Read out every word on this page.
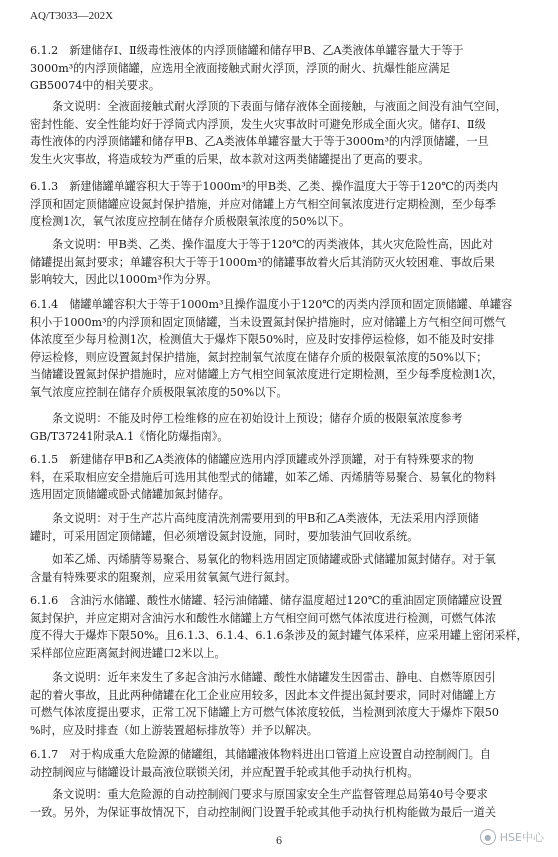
AQ/T3033—202X
6.1.2　新建储存Ⅰ、Ⅱ级毒性液体的内浮顶储罐和储存甲B、乙A类液体单罐容量大于等于
3000m³的内浮顶储罐，应选用全液面接触式耐火浮顶，浮顶的耐火、抗爆性能应满足
GB50074中的相关要求。
条文说明：全液面接触式耐火浮顶的下表面与储存液体全面接触，与液面之间没有油气空间，
密封性能、安全性能均好于浮筒式内浮顶，发生火灾事故时可避免形成全面火灾。储存Ⅰ、Ⅱ级
毒性液体的内浮顶储罐和储存甲B、乙A类液体单罐容量大于等于3000m³的内浮顶储罐，一旦
发生火灾事故，将造成较为严重的后果，故本款对这两类储罐提出了更高的要求。
6.1.3　新建储罐单罐容积大于等于1000m³的甲B类、乙类、操作温度大于等于120℃的丙类内
浮顶和固定顶储罐应设氮封保护措施，并应对储罐上方气相空间氧浓度进行定期检测，至少每季
度检测1次，氧气浓度应控制在储存介质极限氧浓度的50%以下。
条文说明：甲B类、乙类、操作温度大于等于120℃的丙类液体，其火灾危险性高，因此对
储罐提出氮封要求；单罐容积大于等于1000m³的储罐事故着火后其消防灭火较困难、事故后果
影响较大，因此以1000m³作为分界。
6.1.4　储罐单罐容积大于等于1000m³且操作温度小于120℃的丙类内浮顶和固定顶储罐、单罐容
积小于1000m³的内浮顶和固定顶储罐，当未设置氮封保护措施时，应对储罐上方气相空间可燃气
体浓度至少每月检测1次，检测值大于爆炸下限50%时，应及时安排停运检修，如不能及时安排
停运检修，则应设置氮封保护措施，氮封控制氧气浓度在储存介质的极限氧浓度的50%以下；
当储罐设置氮封保护措施时，应对储罐上方气相空间氧浓度进行定期检测，至少每季度检测1次，
氧气浓度应控制在储存介质极限氧浓度的50%以下。
条文说明：不能及时停工检维修的应在初始设计上预设；储存介质的极限氧浓度参考
GB/T37241附录A.1《惰化防爆指南》。
6.1.5　新建储存甲B和乙A类液体的储罐应选用内浮顶罐或外浮顶罐，对于有特殊要求的物
料，在采取相应安全措施后可选用其他型式的储罐，如苯乙烯、丙烯腈等易聚合、易氧化的物料
选用固定顶储罐或卧式储罐加氮封储存。
条文说明：对于生产芯片高纯度清洗剂需要用到的甲B和乙A类液体，无法采用内浮顶储
罐时，可采用固定顶储罐，但必须增设氮封设施，同时，要加装油气回收系统。
如苯乙烯、丙烯腈等易聚合、易氧化的物料选用固定顶储罐或卧式储罐加氮封储存。对于氧
含量有特殊要求的阻聚剂，应采用贫氧氮气进行氮封。
6.1.6　含油污水储罐、酸性水储罐、轻污油储罐、储存温度超过120℃的重油固定顶储罐应设置
氮封保护，并应定期对含油污水和酸性水储罐上方气相空间可燃气体浓度进行检测，可燃气体浓
度不得大于爆炸下限50%。且6.1.3、6.1.4、6.1.6条涉及的氮封罐气体采样，应采用罐上密闭采样，
采样部位应距离氮封阀进罐口2米以上。
条文说明：近年来发生了多起含油污水储罐、酸性水储罐发生因雷击、静电、自燃等原因引
起的着火事故，且此两种储罐在化工企业应用较多，因此本文件提出氮封要求，同时对储罐上方
可燃气体浓度提出要求，正常工况下储罐上方可燃气体浓度较低，当检测到浓度大于爆炸下限50
%时，应及时排查（如上游装置超标排放等）并予以解决。
6.1.7　对于构成重大危险源的储罐组，其储罐液体物料进出口管道上应设置自动控制阀门。自
动控制阀应与储罐设计最高液位联锁关闭，并应配置手轮或其他手动执行机构。
条文说明：重大危险源的自动控制阀门要求与原国家安全生产监督管理总局第40号令要求
一致。另外，为保证事故情况下，自动控制阀门设置手轮或其他手动执行机构能做为最后一道关
6	● HSE中心
